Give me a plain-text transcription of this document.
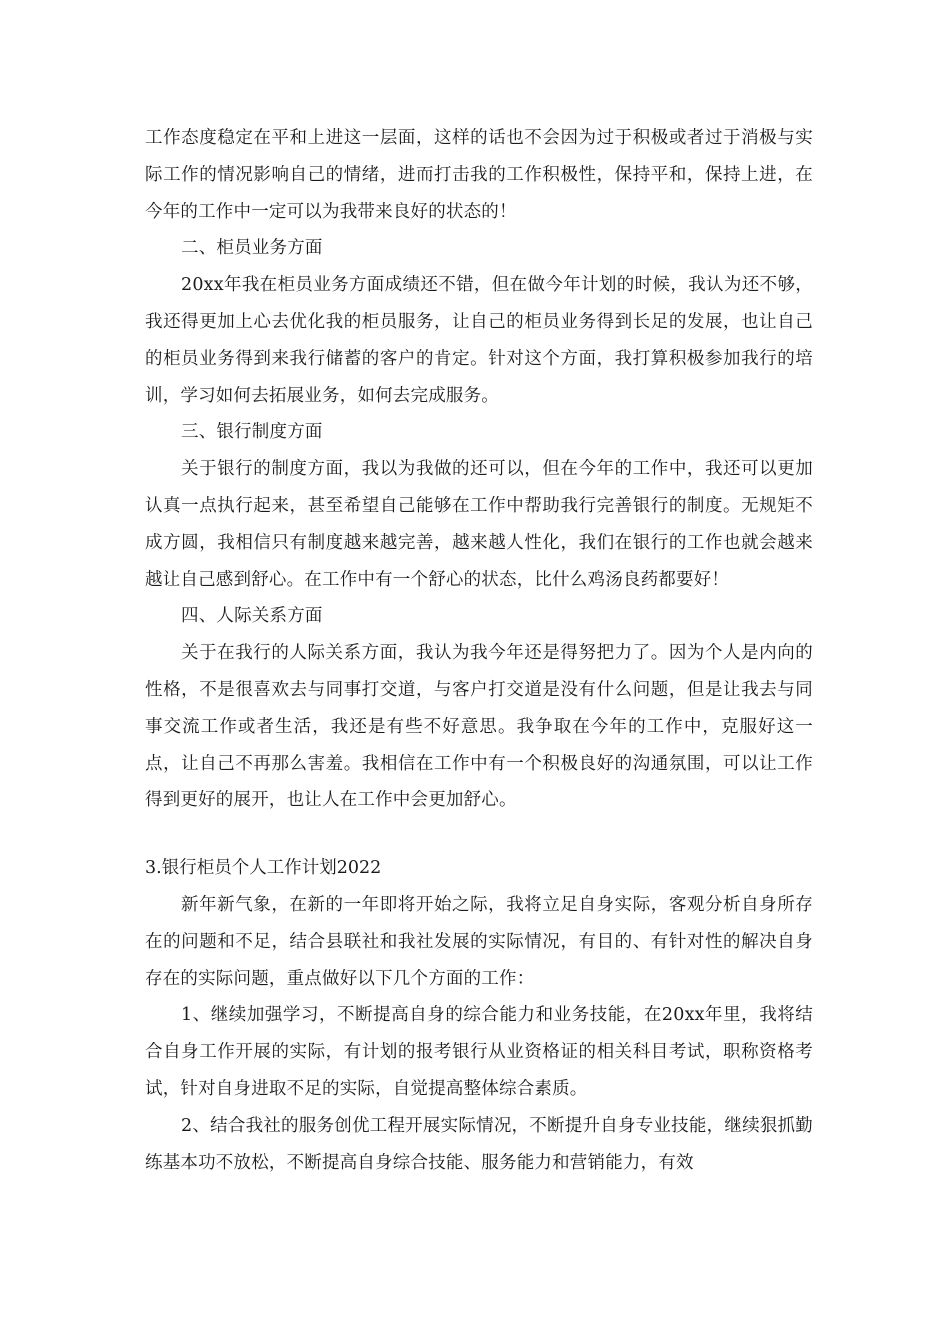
工作态度稳定在平和上进这一层面，这样的话也不会因为过于积极或者过于消极与实际工作的情况影响自己的情绪，进而打击我的工作积极性，保持平和，保持上进，在今年的工作中一定可以为我带来良好的状态的！

二、柜员业务方面

20xx年我在柜员业务方面成绩还不错，但在做今年计划的时候，我认为还不够，我还得更加上心去优化我的柜员服务，让自己的柜员业务得到长足的发展，也让自己的柜员业务得到来我行储蓄的客户的肯定。针对这个方面，我打算积极参加我行的培训，学习如何去拓展业务，如何去完成服务。

三、银行制度方面

关于银行的制度方面，我以为我做的还可以，但在今年的工作中，我还可以更加认真一点执行起来，甚至希望自己能够在工作中帮助我行完善银行的制度。无规矩不成方圆，我相信只有制度越来越完善，越来越人性化，我们在银行的工作也就会越来越让自己感到舒心。在工作中有一个舒心的状态，比什么鸡汤良药都要好！

四、人际关系方面

关于在我行的人际关系方面，我认为我今年还是得努把力了。因为个人是内向的性格，不是很喜欢去与同事打交道，与客户打交道是没有什么问题，但是让我去与同事交流工作或者生活，我还是有些不好意思。我争取在今年的工作中，克服好这一点，让自己不再那么害羞。我相信在工作中有一个积极良好的沟通氛围，可以让工作得到更好的展开，也让人在工作中会更加舒心。

3.银行柜员个人工作计划2022

新年新气象，在新的一年即将开始之际，我将立足自身实际，客观分析自身所存在的问题和不足，结合县联社和我社发展的实际情况，有目的、有针对性的解决自身存在的实际问题，重点做好以下几个方面的工作：

1、继续加强学习，不断提高自身的综合能力和业务技能，在20xx年里，我将结合自身工作开展的实际，有计划的报考银行从业资格证的相关科目考试，职称资格考试，针对自身进取不足的实际，自觉提高整体综合素质。

2、结合我社的服务创优工程开展实际情况，不断提升自身专业技能，继续狠抓勤练基本功不放松，不断提高自身综合技能、服务能力和营销能力，有效
